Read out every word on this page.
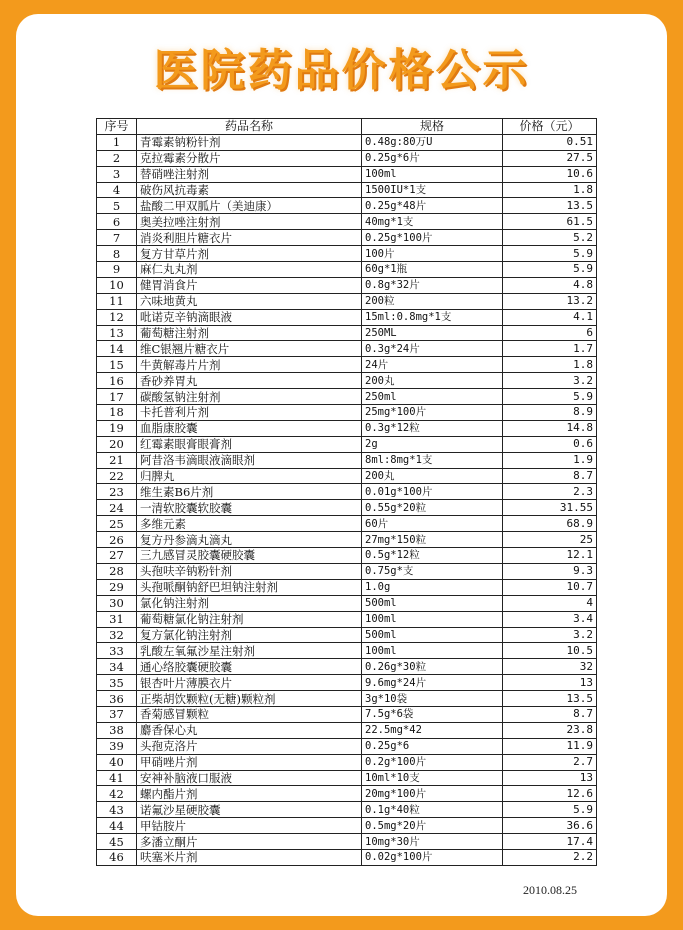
医院药品价格公示
序号	药品名称	规格	价格（元）
1	青霉素钠粉针剂	0.48g:80万U	0.51
2	克拉霉素分散片	0.25g*6片	27.5
3	替硝唑注射剂	100ml	10.6
4	破伤风抗毒素	1500IU*1支	1.8
5	盐酸二甲双胍片（美迪康）	0.25g*48片	13.5
6	奥美拉唑注射剂	40mg*1支	61.5
7	消炎利胆片糖衣片	0.25g*100片	5.2
8	复方甘草片剂	100片	5.9
9	麻仁丸丸剂	60g*1瓶	5.9
10	健胃消食片	0.8g*32片	4.8
11	六味地黄丸	200粒	13.2
12	吡诺克辛钠滴眼液	15ml:0.8mg*1支	4.1
13	葡萄糖注射剂	250ML	6
14	维C银翘片糖衣片	0.3g*24片	1.7
15	牛黄解毒片片剂	24片	1.8
16	香砂养胃丸	200丸	3.2
17	碳酸氢钠注射剂	250ml	5.9
18	卡托普利片剂	25mg*100片	8.9
19	血脂康胶囊	0.3g*12粒	14.8
20	红霉素眼膏眼膏剂	2g	0.6
21	阿昔洛韦滴眼液滴眼剂	8ml:8mg*1支	1.9
22	归脾丸	200丸	8.7
23	维生素B6片剂	0.01g*100片	2.3
24	一清软胶囊软胶囊	0.55g*20粒	31.55
25	多维元素	60片	68.9
26	复方丹参滴丸滴丸	27mg*150粒	25
27	三九感冒灵胶囊硬胶囊	0.5g*12粒	12.1
28	头孢呋辛钠粉针剂	0.75g*支	9.3
29	头孢哌酮钠舒巴坦钠注射剂	1.0g	10.7
30	氯化钠注射剂	500ml	4
31	葡萄糖氯化钠注射剂	100ml	3.4
32	复方氯化钠注射剂	500ml	3.2
33	乳酸左氧氟沙星注射剂	100ml	10.5
34	通心络胶囊硬胶囊	0.26g*30粒	32
35	银杏叶片薄膜衣片	9.6mg*24片	13
36	正柴胡饮颗粒(无糖)颗粒剂	3g*10袋	13.5
37	香菊感冒颗粒	7.5g*6袋	8.7
38	麝香保心丸	22.5mg*42	23.8
39	头孢克洛片	0.25g*6	11.9
40	甲硝唑片剂	0.2g*100片	2.7
41	安神补脑液口服液	10ml*10支	13
42	螺内酯片剂	20mg*100片	12.6
43	诺氟沙星硬胶囊	0.1g*40粒	5.9
44	甲钴胺片	0.5mg*20片	36.6
45	多潘立酮片	10mg*30片	17.4
46	呋塞米片剂	0.02g*100片	2.2
2010.08.25
